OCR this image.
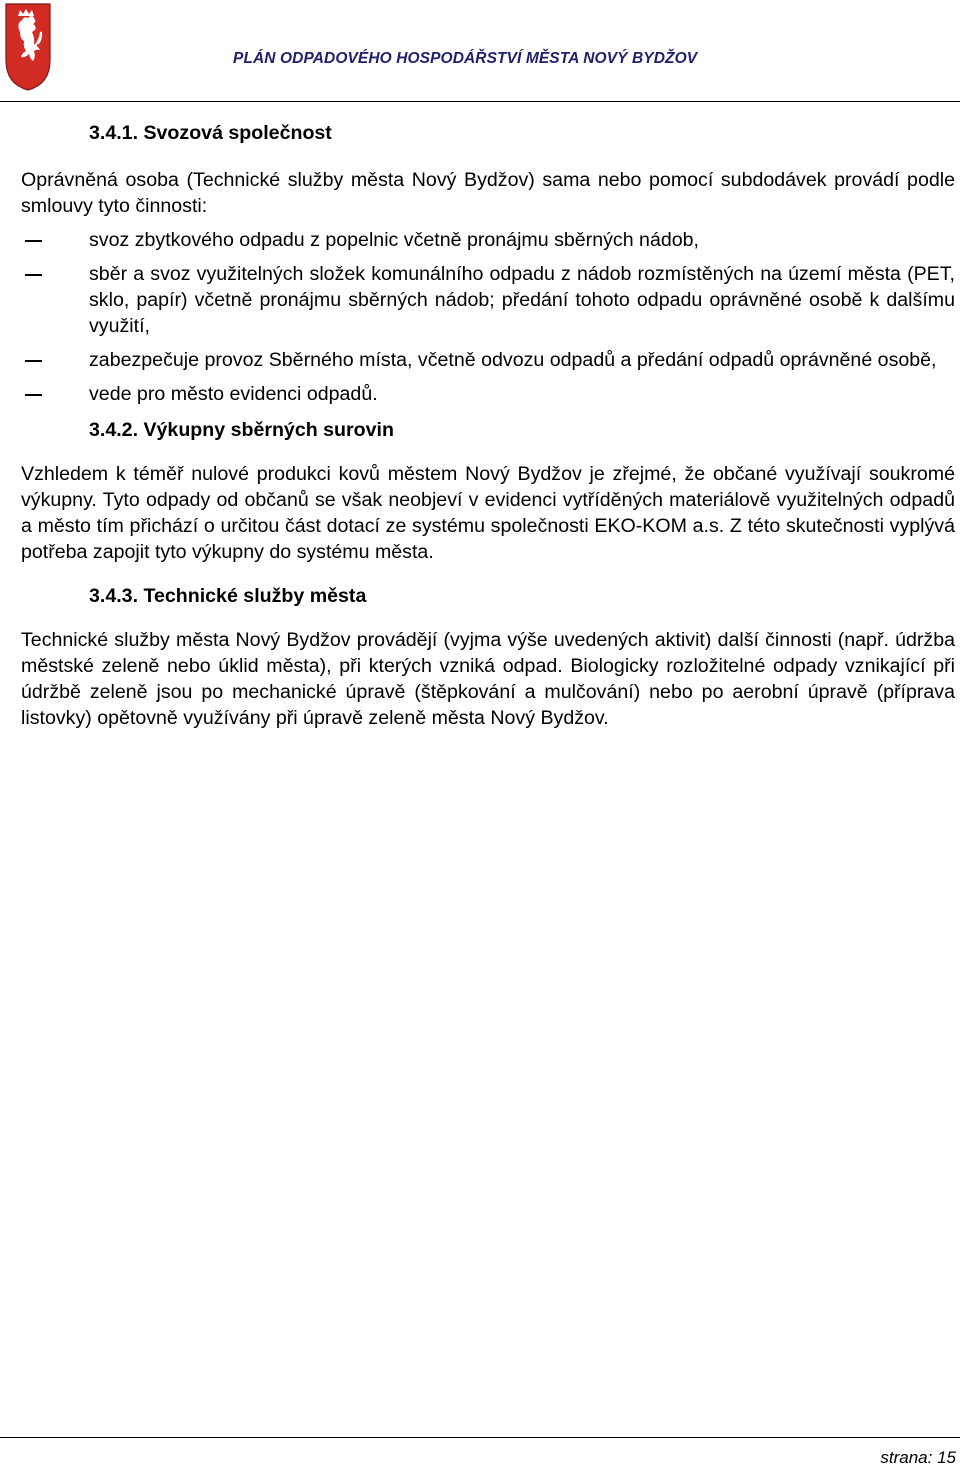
PLÁN ODPADOVÉHO HOSPODÁŘSTVÍ MĚSTA NOVÝ BYDŽOV
3.4.1. Svozová společnost

Oprávněná osoba (Technické služby města Nový Bydžov) sama nebo pomocí subdodávek provádí podle smlouvy tyto činnosti:

svoz zbytkového odpadu z popelnic včetně pronájmu sběrných nádob,
sběr a svoz využitelných složek komunálního odpadu z nádob rozmístěných na území města (PET, sklo, papír) včetně pronájmu sběrných nádob; předání tohoto odpadu oprávněné osobě k dalšímu využití,
zabezpečuje provoz Sběrného místa, včetně odvozu odpadů a předání odpadů oprávněné osobě,
vede pro město evidenci odpadů.
3.4.2. Výkupny sběrných surovin

Vzhledem k téměř nulové produkci kovů městem Nový Bydžov je zřejmé, že občané využívají soukromé výkupny. Tyto odpady od občanů se však neobjeví v evidenci vytříděných materiálově využitelných odpadů a město tím přichází o určitou část dotací ze systému společnosti EKO-KOM a.s. Z této skutečnosti vyplývá potřeba zapojit tyto výkupny do systému města.

3.4.3. Technické služby města

Technické služby města Nový Bydžov provádějí (vyjma výše uvedených aktivit) další činnosti (např. údržba městské zeleně nebo úklid města), při kterých vzniká odpad. Biologicky rozložitelné odpady vznikající při údržbě zeleně jsou po mechanické úpravě (štěpkování a mulčování) nebo po aerobní úpravě (příprava listovky) opětovně využívány při úpravě zeleně města Nový Bydžov.

strana: 15
